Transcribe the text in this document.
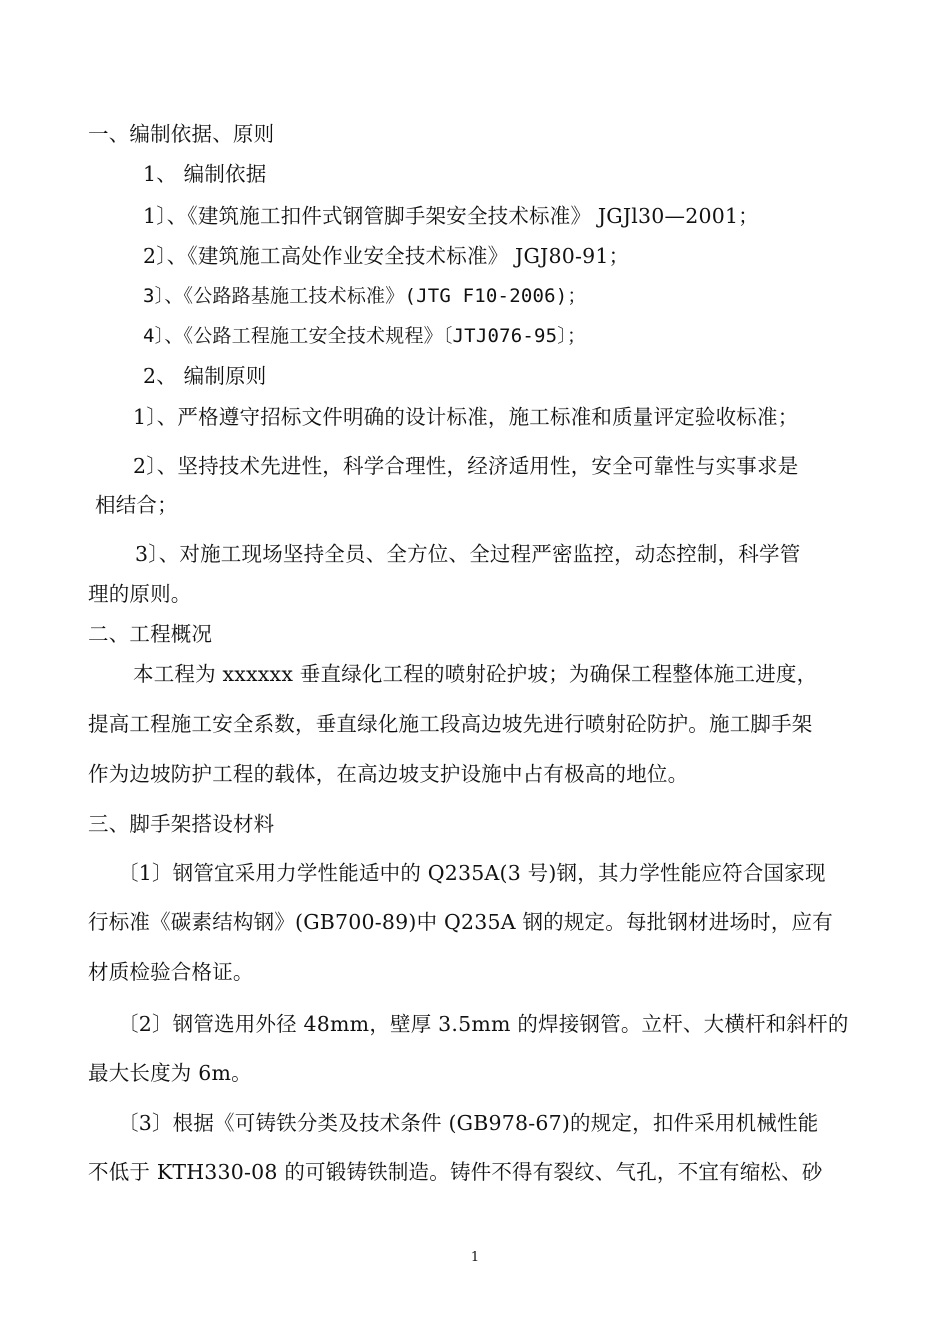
一、编制依据、原则
1、 编制依据
1〕、《建筑施工扣件式钢管脚手架安全技术标准》 JGJl30—2001；
2〕、《建筑施工高处作业安全技术标准》 JGJ80-91；
3〕、《公路路基施工技术标准》(JTG F10-2006)；
4〕、《公路工程施工安全技术规程》〔JTJ076-95〕；
2、 编制原则
1〕、严格遵守招标文件明确的设计标准，施工标准和质量评定验收标准；
2〕、坚持技术先进性，科学合理性，经济适用性，安全可靠性与实事求是
相结合；
3〕、对施工现场坚持全员、全方位、全过程严密监控，动态控制，科学管
理的原则。
二、工程概况
本工程为 xxxxxx 垂直绿化工程的喷射砼护坡；为确保工程整体施工进度，
提高工程施工安全系数，垂直绿化施工段高边坡先进行喷射砼防护。施工脚手架
作为边坡防护工程的载体，在高边坡支护设施中占有极高的地位。
三、脚手架搭设材料
〔1〕钢管宜采用力学性能适中的 Q235A(3 号)钢，其力学性能应符合国家现
行标准《碳素结构钢》(GB700-89)中 Q235A 钢的规定。每批钢材进场时，应有
材质检验合格证。
〔2〕钢管选用外径 48mm，壁厚 3.5mm 的焊接钢管。立杆、大横杆和斜杆的
最大长度为 6m。
〔3〕根据《可铸铁分类及技术条件 (GB978-67)的规定，扣件采用机械性能
不低于 KTH330-08 的可锻铸铁制造。铸件不得有裂纹、气孔，不宜有缩松、砂
1
